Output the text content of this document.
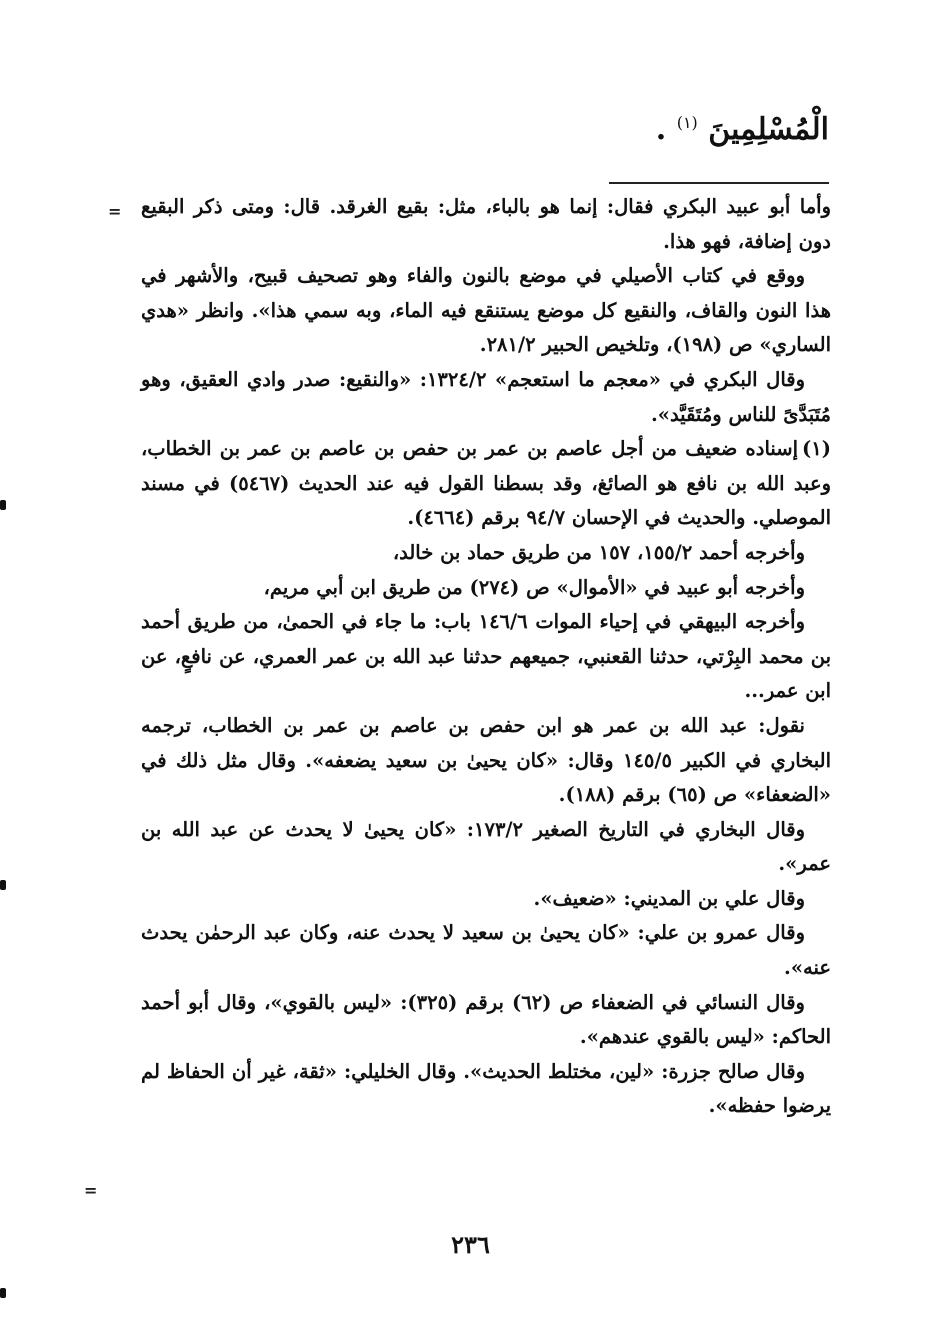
الْمُسْلِمِينَ $^{(١)}$ .
=
=

وأما أبو عبيد البكري فقال: إنما هو بالباء، مثل: بقيع الغرقد. قال: ومتى ذكر البقيع دون إضافة، فهو هذا.

ووقع في كتاب الأصيلي في موضع بالنون والفاء وهو تصحيف قبيح، والأشهر في هذا النون والقاف، والنقيع كل موضع يستنقع فيه الماء، وبه سمي هذا». وانظر «هدي الساري» ص (١٩٨)، وتلخيص الحبير ٢٨١/٢.

وقال البكري في «معجم ما استعجم» ١٣٢٤/٢: «والنقيع: صدر وادي العقيق، وهو مُتَبَدَّىً للناس ومُتَقَيَّد».

(١)إسناده ضعيف من أجل عاصم بن عمر بن حفص بن عاصم بن عمر بن الخطاب، وعبد الله بن نافع هو الصائغ، وقد بسطنا القول فيه عند الحديث (٥٤٦٧) في مسند الموصلي. والحديث في الإحسان ٩٤/٧ برقم (٤٦٦٤).

وأخرجه أحمد ١٥٥/٢، ١٥٧ من طريق حماد بن خالد،

وأخرجه أبو عبيد في «الأموال» ص (٢٧٤) من طريق ابن أبي مريم،

وأخرجه البيهقي في إحياء الموات ١٤٦/٦ باب: ما جاء في الحمىٰ، من طريق أحمد بن محمد البِرْتي، حدثنا القعنبي، جميعهم حدثنا عبد الله بن عمر العمري، عن نافعٍ، عن ابن عمر...

نقول: عبد الله بن عمر هو ابن حفص بن عاصم بن عمر بن الخطاب، ترجمه البخاري في الكبير ١٤٥/٥ وقال: «كان يحيىٰ بن سعيد يضعفه». وقال مثل ذلك في «الضعفاء» ص (٦٥) برقم (١٨٨).

وقال البخاري في التاريخ الصغير ١٧٣/٢: «كان يحيىٰ لا يحدث عن عبد الله بن عمر».

وقال علي بن المديني: «ضعيف».

وقال عمرو بن علي: «كان يحيىٰ بن سعيد لا يحدث عنه، وكان عبد الرحمٰن يحدث عنه».

وقال النسائي في الضعفاء ص (٦٢) برقم (٣٢٥): «ليس بالقوي»، وقال أبو أحمد الحاكم: «ليس بالقوي عندهم».

وقال صالح جزرة: «لين، مختلط الحديث». وقال الخليلي: «ثقة، غير أن الحفاظ لم يرضوا حفظه».

٢٣٦
